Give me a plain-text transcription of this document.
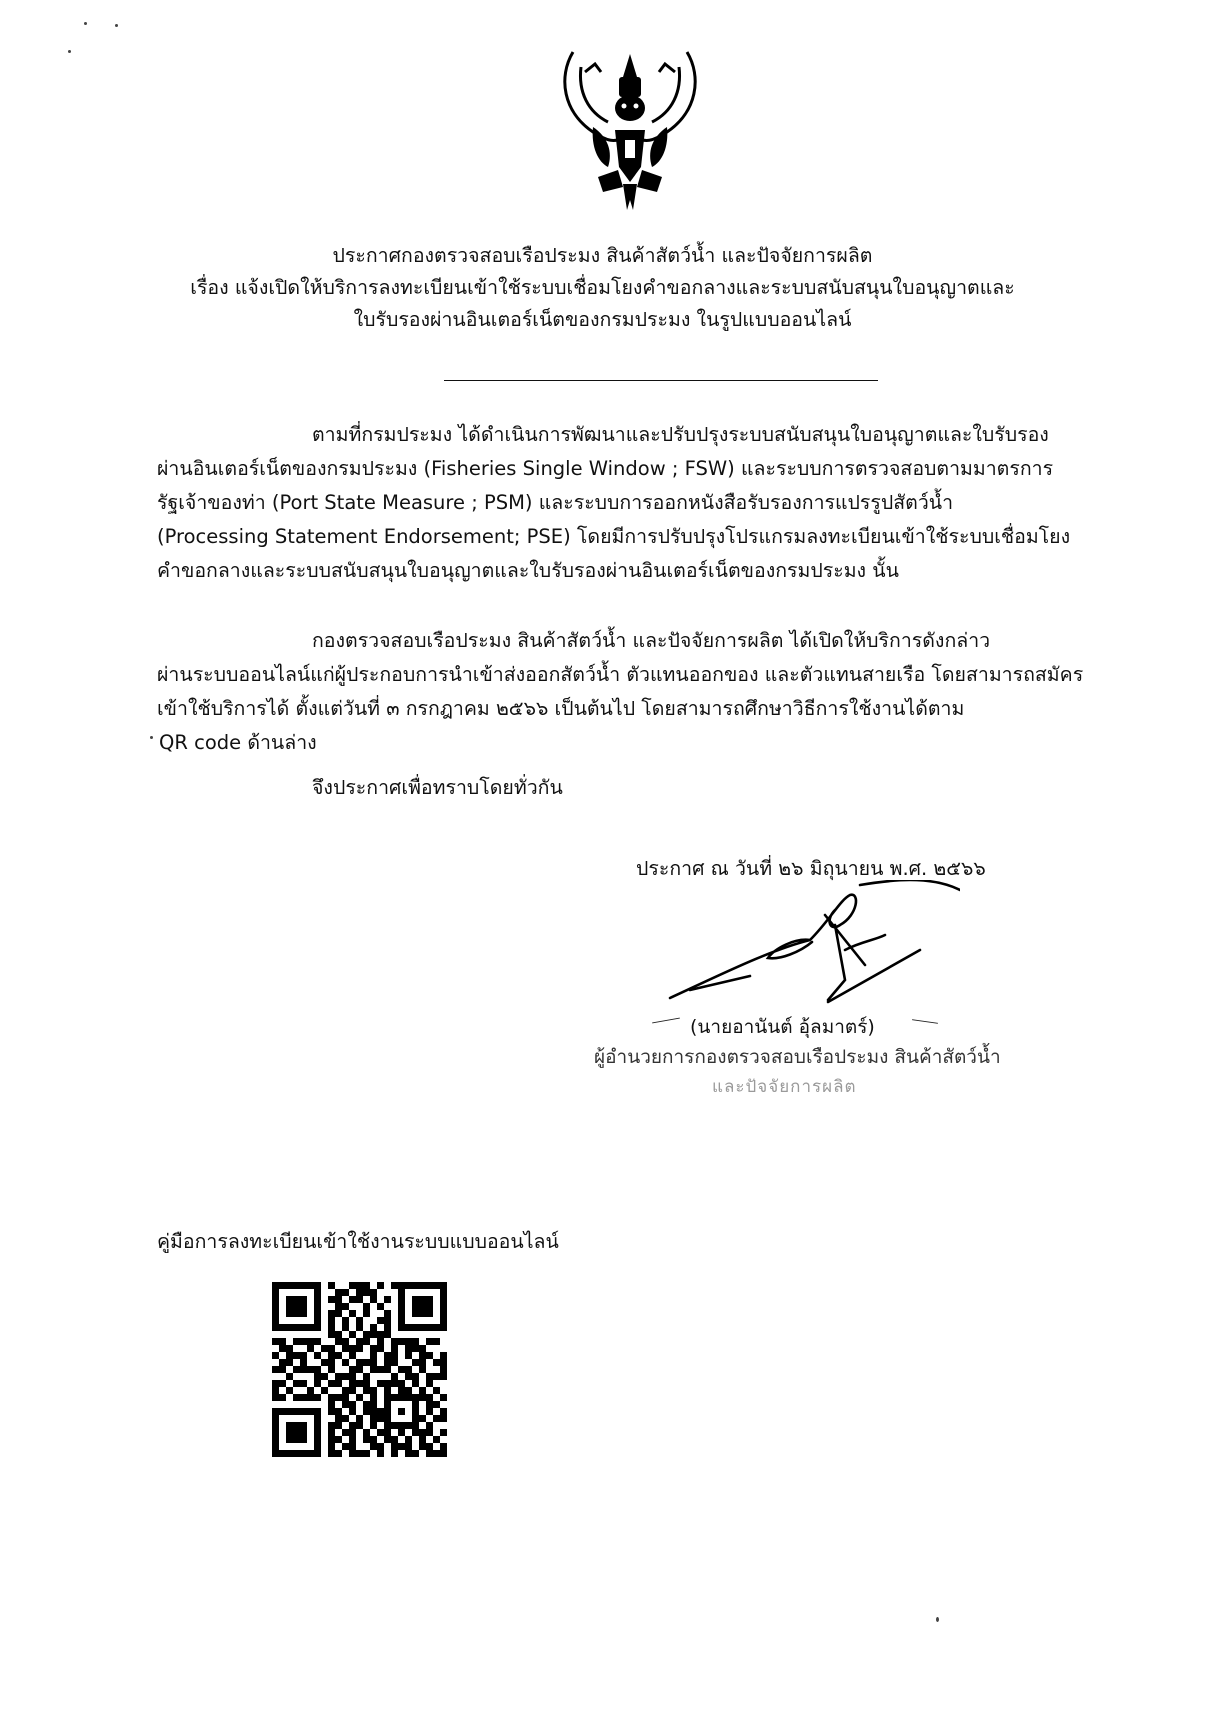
ประกาศกองตรวจสอบเรือประมง สินค้าสัตว์น้ำ และปัจจัยการผลิต
เรื่อง แจ้งเปิดให้บริการลงทะเบียนเข้าใช้ระบบเชื่อมโยงคำขอกลางและระบบสนับสนุนใบอนุญาตและ
ใบรับรองผ่านอินเตอร์เน็ตของกรมประมง ในรูปแบบออนไลน์
ตามที่กรมประมง ได้ดำเนินการพัฒนาและปรับปรุงระบบสนับสนุนใบอนุญาตและใบรับรอง
ผ่านอินเตอร์เน็ตของกรมประมง (Fisheries Single Window ; FSW) และระบบการตรวจสอบตามมาตรการ
รัฐเจ้าของท่า (Port State Measure ; PSM) และระบบการออกหนังสือรับรองการแปรรูปสัตว์น้ำ
(Processing Statement Endorsement; PSE) โดยมีการปรับปรุงโปรแกรมลงทะเบียนเข้าใช้ระบบเชื่อมโยง
คำขอกลางและระบบสนับสนุนใบอนุญาตและใบรับรองผ่านอินเตอร์เน็ตของกรมประมง นั้น
กองตรวจสอบเรือประมง สินค้าสัตว์น้ำ และปัจจัยการผลิต ได้เปิดให้บริการดังกล่าว
ผ่านระบบออนไลน์แก่ผู้ประกอบการนำเข้าส่งออกสัตว์น้ำ ตัวแทนออกของ และตัวแทนสายเรือ โดยสามารถสมัคร
เข้าใช้บริการได้ ตั้งแต่วันที่ ๓ กรกฎาคม ๒๕๖๖ เป็นต้นไป โดยสามารถศึกษาวิธีการใช้งานได้ตาม
QR code ด้านล่าง
จึงประกาศเพื่อทราบโดยทั่วกัน
ประกาศ ณ วันที่ ๒๖ มิถุนายน พ.ศ. ๒๕๖๖
(นายอานันต์ อุ้ลมาตร์)
ผู้อำนวยการกองตรวจสอบเรือประมง สินค้าสัตว์น้ำ
และปัจจัยการผลิต
คู่มือการลงทะเบียนเข้าใช้งานระบบแบบออนไลน์
